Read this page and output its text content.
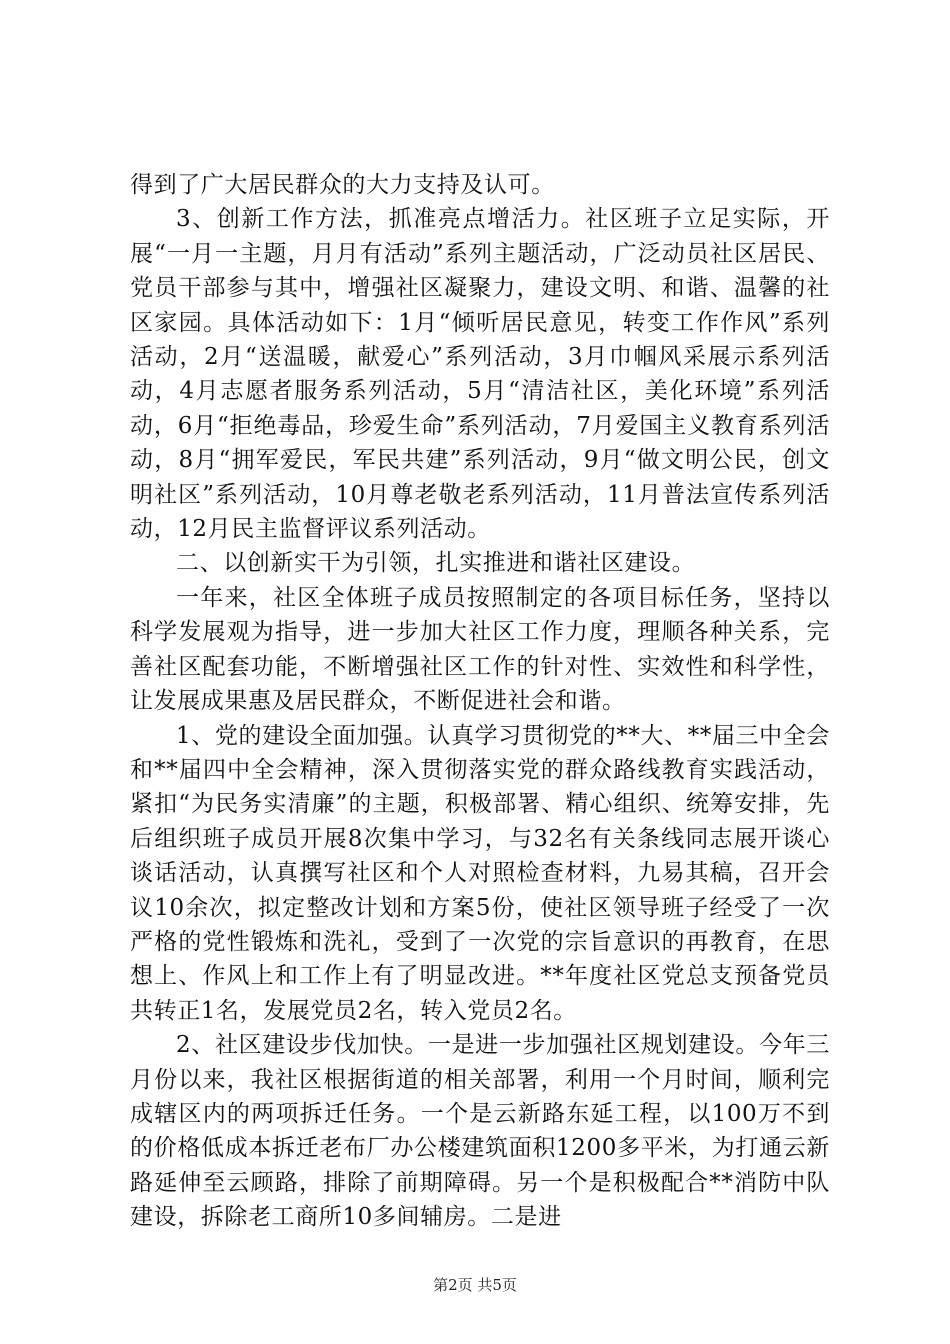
得到了广大居民群众的大力支持及认可。

3、创新工作方法，抓准亮点增活力。社区班子立足实际，开展“一月一主题，月月有活动”系列主题活动，广泛动员社区居民、党员干部参与其中，增强社区凝聚力，建设文明、和谐、温馨的社区家园。具体活动如下：1月“倾听居民意见，转变工作作风”系列活动，2月“送温暖，献爱心”系列活动，3月巾帼风采展示系列活动，4月志愿者服务系列活动，5月“清洁社区，美化环境”系列活动，6月“拒绝毒品，珍爱生命”系列活动，7月爱国主义教育系列活动，8月“拥军爱民，军民共建”系列活动，9月“做文明公民，创文明社区”系列活动，10月尊老敬老系列活动，11月普法宣传系列活动，12月民主监督评议系列活动。

二、以创新实干为引领，扎实推进和谐社区建设。

一年来，社区全体班子成员按照制定的各项目标任务，坚持以科学发展观为指导，进一步加大社区工作力度，理顺各种关系，完善社区配套功能，不断增强社区工作的针对性、实效性和科学性，让发展成果惠及居民群众，不断促进社会和谐。

1、党的建设全面加强。认真学习贯彻党的**大、**届三中全会和**届四中全会精神，深入贯彻落实党的群众路线教育实践活动，紧扣“为民务实清廉”的主题，积极部署、精心组织、统筹安排，先后组织班子成员开展8次集中学习，与32名有关条线同志展开谈心谈话活动，认真撰写社区和个人对照检查材料，九易其稿，召开会议10余次，拟定整改计划和方案5份，使社区领导班子经受了一次严格的党性锻炼和洗礼，受到了一次党的宗旨意识的再教育，在思想上、作风上和工作上有了明显改进。**年度社区党总支预备党员共转正1名，发展党员2名，转入党员2名。

2、社区建设步伐加快。一是进一步加强社区规划建设。今年三月份以来，我社区根据街道的相关部署，利用一个月时间，顺利完成辖区内的两项拆迁任务。一个是云新路东延工程，以100万不到的价格低成本拆迁老布厂办公楼建筑面积1200多平米，为打通云新路延伸至云顾路，排除了前期障碍。另一个是积极配合**消防中队建设，拆除老工商所10多间辅房。二是进

第2页 共5页
